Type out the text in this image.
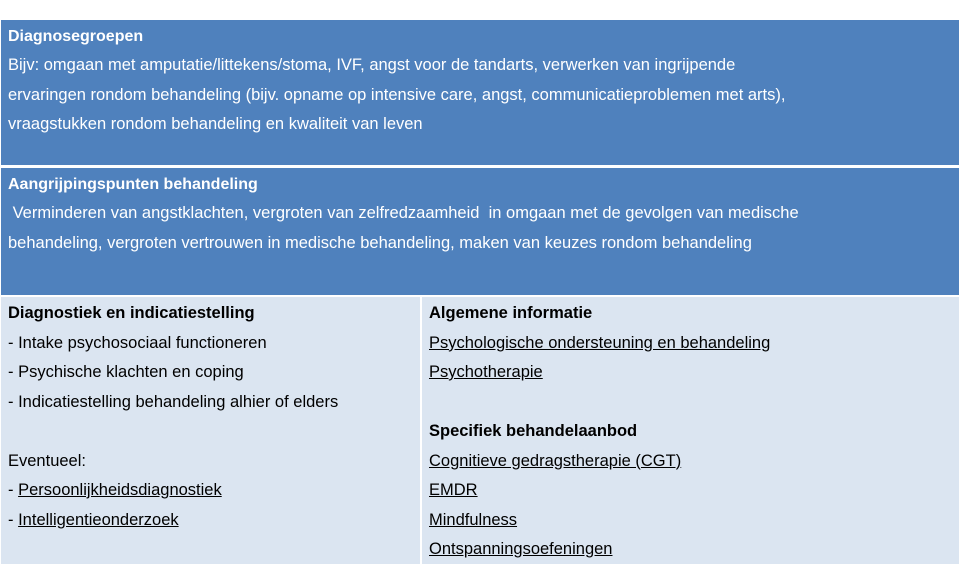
Diagnosegroepen
Bijv: omgaan met amputatie/littekens/stoma, IVF, angst voor de tandarts, verwerken van ingrijpende
ervaringen rondom behandeling (bijv. opname op intensive care, angst, communicatieproblemen met arts),
vraagstukken rondom behandeling en kwaliteit van leven
Aangrijpingspunten behandeling
Verminderen van angstklachten, vergroten van zelfredzaamheid  in omgaan met de gevolgen van medische
behandeling, vergroten vertrouwen in medische behandeling, maken van keuzes rondom behandeling
Diagnostiek en indicatiestelling
- Intake psychosociaal functioneren
- Psychische klachten en coping
- Indicatiestelling behandeling alhier of elders
Eventueel:
- Persoonlijkheidsdiagnostiek
- Intelligentieonderzoek
Algemene informatie
Psychologische ondersteuning en behandeling
Psychotherapie
Specifiek behandelaanbod
Cognitieve gedragstherapie (CGT)
EMDR
Mindfulness
Ontspanningsoefeningen
